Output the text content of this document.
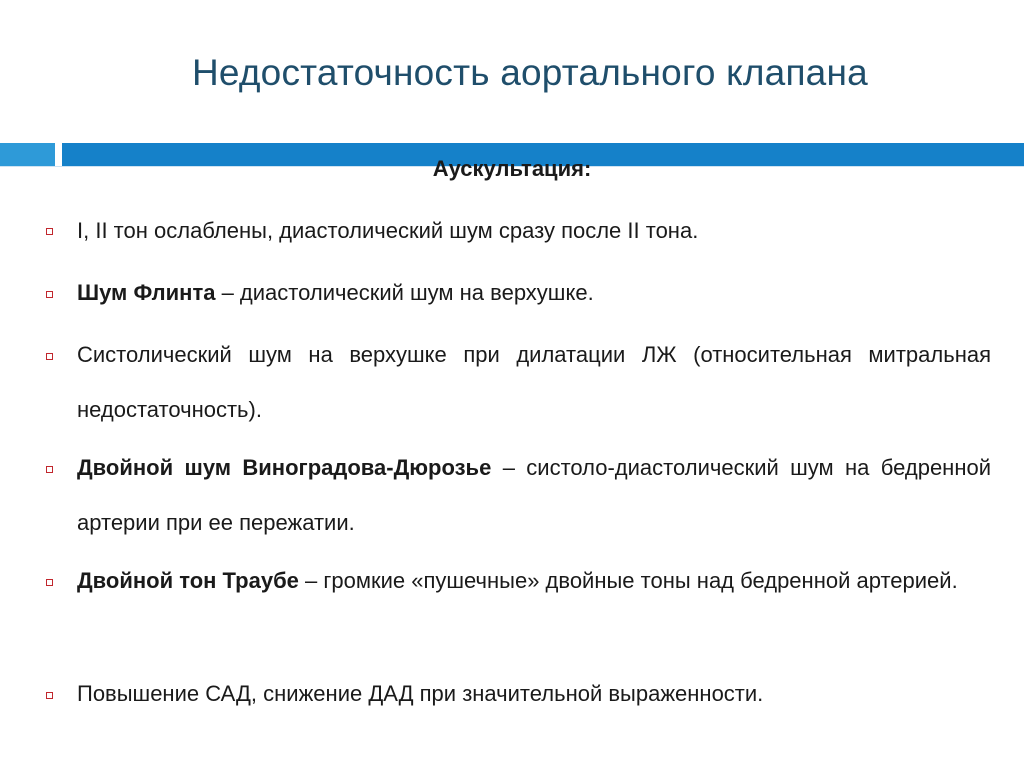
Недостаточность аортального клапана
Аускультация:
I, II тон ослаблены, диастолический шум сразу после II тона.
Шум Флинта – диастолический шум на верхушке.
Систолический шум на верхушке при дилатации ЛЖ (относительная митральная недостаточность).
Двойной шум Виноградова-Дюрозье – систоло-диастолический шум на бедренной артерии при ее пережатии.
Двойной тон Траубе – громкие «пушечные» двойные тоны над бедренной артерией.
Повышение САД, снижение ДАД при значительной выраженности.
